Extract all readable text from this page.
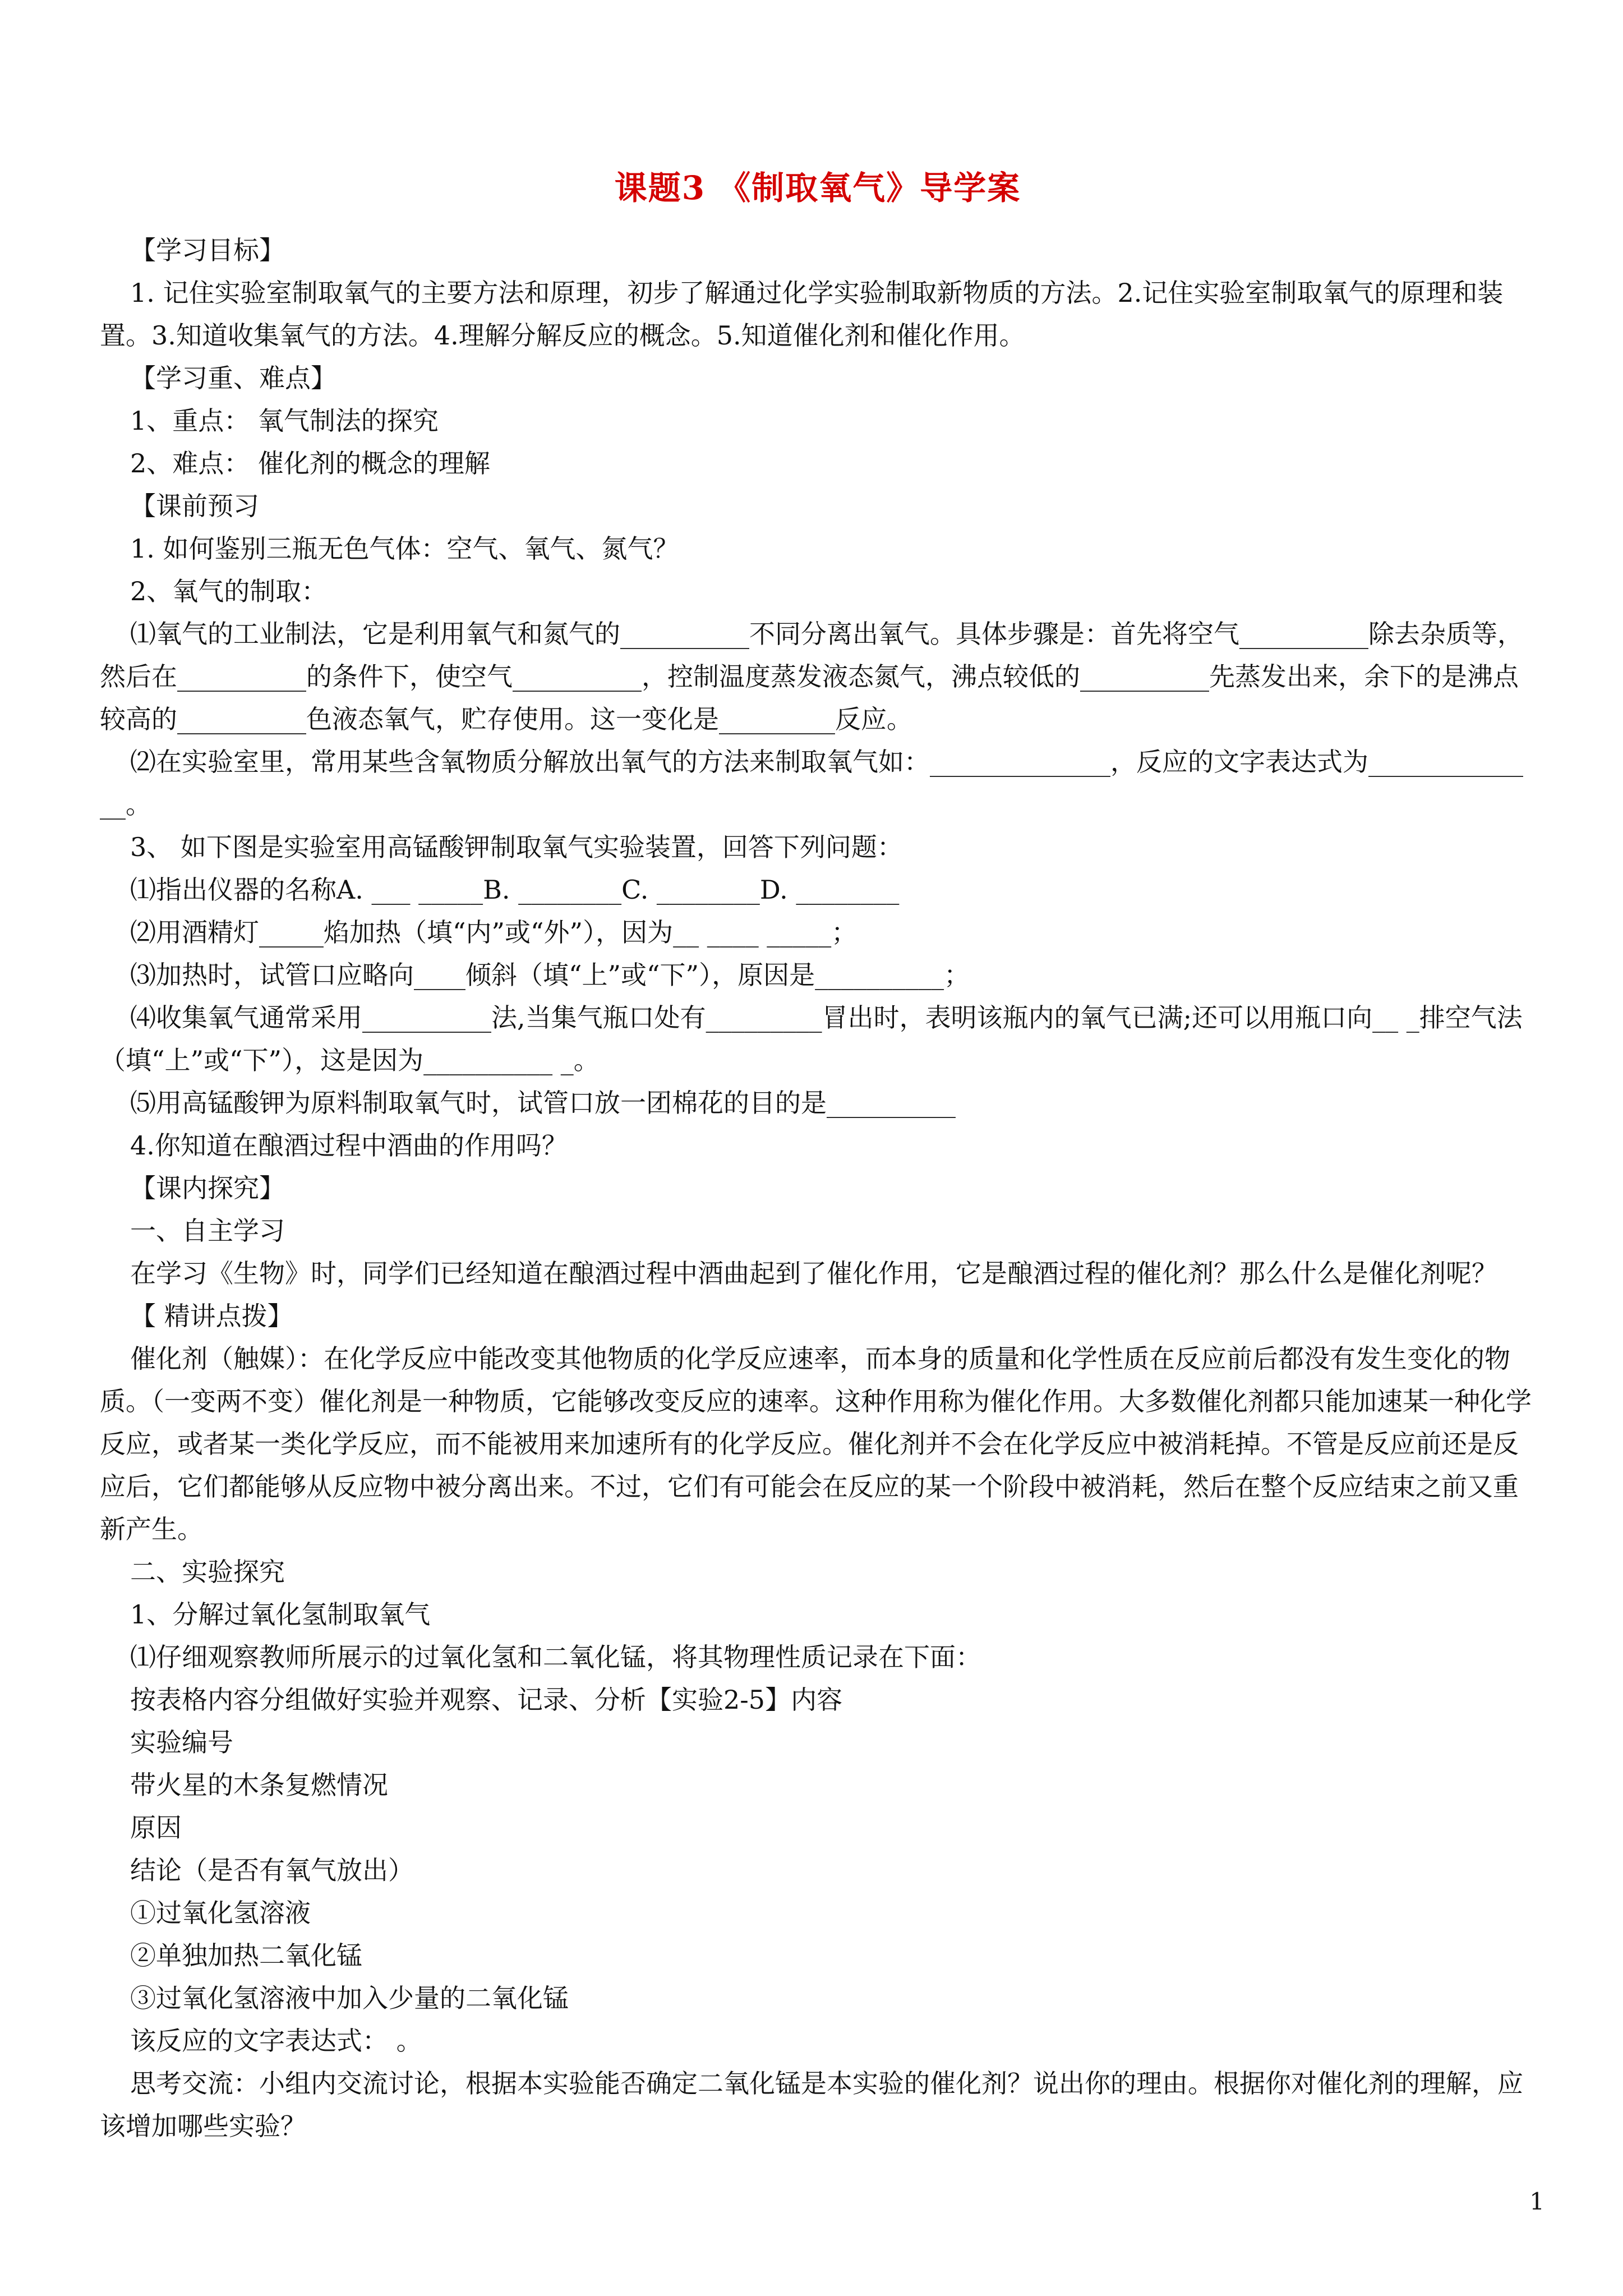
课题3 《制取氧气》导学案

【学习目标】

1. 记住实验室制取氧气的主要方法和原理，初步了解通过化学实验制取新物质的方法。2.记住实验室制取氧气的原理和装置。3.知道收集氧气的方法。4.理解分解反应的概念。5.知道催化剂和催化作用。

【学习重、难点】

1、重点： 氧气制法的探究

2、难点： 催化剂的概念的理解

【课前预习

1. 如何鉴别三瓶无色气体：空气、氧气、氮气？

2、氧气的制取：

⑴氧气的工业制法，它是利用氧气和氮气的__________不同分离出氧气。具体步骤是：首先将空气__________除去杂质等，然后在__________的条件下，使空气__________，控制温度蒸发液态氮气，沸点较低的__________先蒸发出来，余下的是沸点较高的__________色液态氧气，贮存使用。这一变化是_________反应。

⑵在实验室里，常用某些含氧物质分解放出氧气的方法来制取氧气如：______________，反应的文字表达式为______________。

3、 如下图是实验室用高锰酸钾制取氧气实验装置，回答下列问题：

⑴指出仪器的名称A. ___ _____B. ________C. ________D. ________

⑵用酒精灯_____焰加热（填“内”或“外”），因为__ ____ _____；

⑶加热时，试管口应略向____倾斜（填“上”或“下”），原因是__________；

⑷收集氧气通常采用__________法,当集气瓶口处有_________冒出时，表明该瓶内的氧气已满;还可以用瓶口向__ _排空气法 （填“上”或“下”），这是因为__________ _。

⑸用高锰酸钾为原料制取氧气时，试管口放一团棉花的目的是__________

4.你知道在酿酒过程中酒曲的作用吗？

【课内探究】

一、自主学习

在学习《生物》时，同学们已经知道在酿酒过程中酒曲起到了催化作用，它是酿酒过程的催化剂？那么什么是催化剂呢？

【 精讲点拨】

催化剂（触媒）：在化学反应中能改变其他物质的化学反应速率，而本身的质量和化学性质在反应前后都没有发生变化的物质。（一变两不变）催化剂是一种物质，它能够改变反应的速率。这种作用称为催化作用。大多数催化剂都只能加速某一种化学反应，或者某一类化学反应，而不能被用来加速所有的化学反应。催化剂并不会在化学反应中被消耗掉。不管是反应前还是反应后，它们都能够从反应物中被分离出来。不过，它们有可能会在反应的某一个阶段中被消耗，然后在整个反应结束之前又重新产生。

二、实验探究

1、分解过氧化氢制取氧气

⑴仔细观察教师所展示的过氧化氢和二氧化锰，将其物理性质记录在下面：

按表格内容分组做好实验并观察、记录、分析【实验2-5】内容

实验编号

带火星的木条复燃情况

原因

结论（是否有氧气放出）

①过氧化氢溶液

②单独加热二氧化锰

③过氧化氢溶液中加入少量的二氧化锰

该反应的文字表达式： 。

思考交流：小组内交流讨论，根据本实验能否确定二氧化锰是本实验的催化剂？说出你的理由。根据你对催化剂的理解，应该增加哪些实验？

1
